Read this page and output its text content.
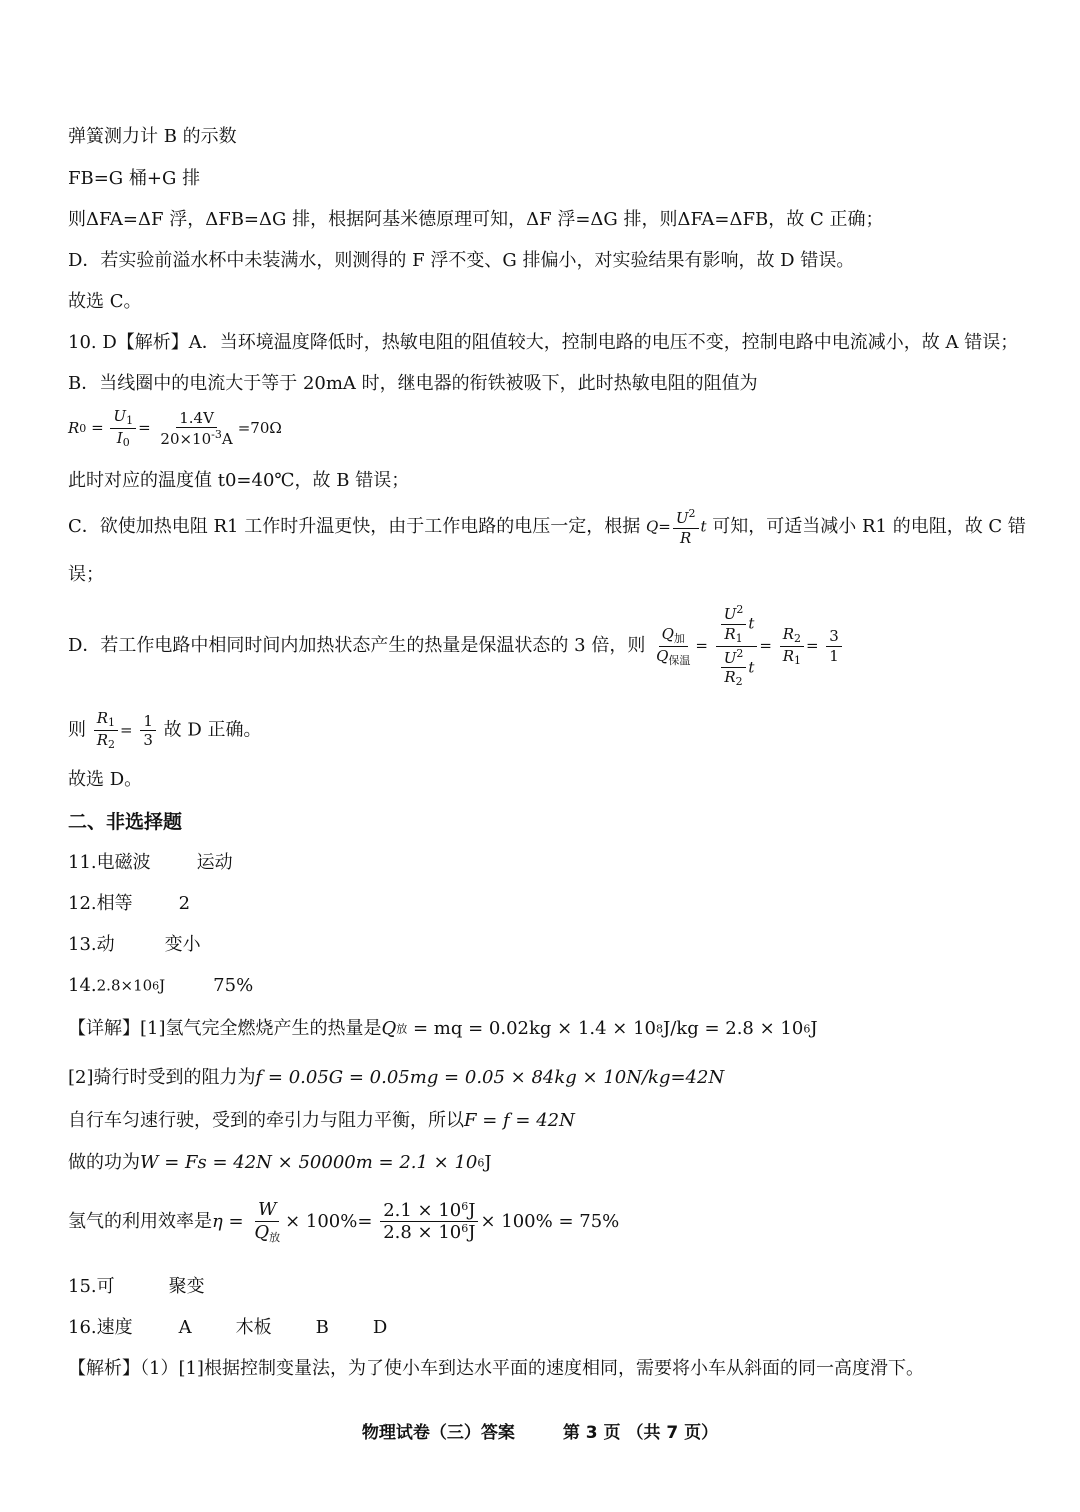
弹簧测力计 B 的示数
FB=G 桶+G 排
则ΔFA=ΔF 浮，ΔFB=ΔG 排，根据阿基米德原理可知，ΔF 浮=ΔG 排，则ΔFA=ΔFB，故 C 正确；
D．若实验前溢水杯中未装满水，则测得的 F 浮不变、G 排偏小，对实验结果有影响，故 D 错误。
故选 C。
10. D【解析】A．当环境温度降低时，热敏电阻的阻值较大，控制电路的电压不变，控制电路中电流减小，故 A 错误；
B．当线圈中的电流大于等于 20mA 时，继电器的衔铁被吸下，此时热敏电阻的阻值为
$R0 = \frac{U_1}{I_0} = \frac{1.4V}{20\times 10^{-3}A} =70\Omega$
此时对应的温度值 t0=40℃，故 B 错误；
C．欲使加热电阻 R1 工作时升温更快，由于工作电路的电压一定，根据 $Q= \frac{U^2}{R}$ t 可知，可适当减小 R1 的电阻，故 C 错
误；
D．若工作电路中相同时间内加热状态产生的热量是保温状态的 3 倍，则
$Q_加$
$Q_{保温}$
= $\frac{\frac{U^2}{R_1} t}{\frac{U^2}{R_2} t} = \frac{R_2}{R_1} = \frac{3}{1}$
则 $\frac{R_1}{R_2} = \frac{1}{3}$ 故 D 正确。
故选 D。
二、非选择题
11.电磁波	运动
12.相等	2
13.动	变小
14.2.8×106J	75%
【详解】[1]氢气完全燃烧产生的热量是Q放 = mq = 0.02kg × 1.4 × 108J/kg = 2.8 × 106J
[2]骑行时受到的阻力为f = 0.05G = 0.05mg = 0.05 × 84kg × 10N/kg=42N
自行车匀速行驶，受到的牵引力与阻力平衡，所以F = f = 42N
做的功为W = Fs = 42N × 50000m = 2.1 × 106J
氢气的利用效率是η =
W
$Q_放$
× $100\%= \frac{2.1 \times 10^6J}{2.8 \times 10^6J} \times 100\% = 75\%$
15.可	聚变
16.速度	A 木板 B D
【解析】（1）[1]根据控制变量法，为了使小车到达水平面的速度相同，需要将小车从斜面的同一高度滑下。
物理试卷（三）答案	第 3 页 （共 7 页）
